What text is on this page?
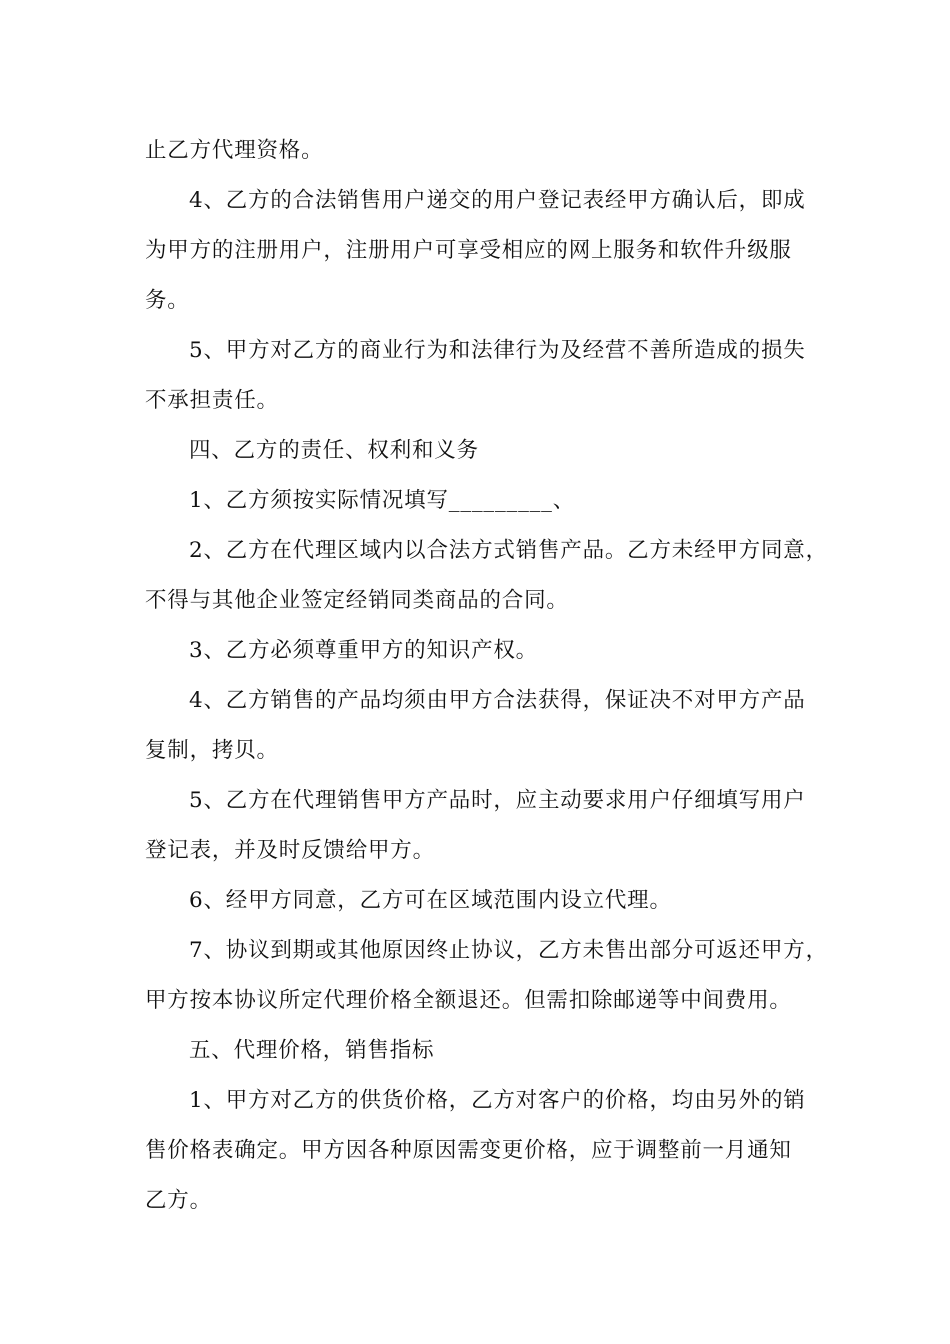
止乙方代理资格。
4、乙方的合法销售用户递交的用户登记表经甲方确认后，即成
为甲方的注册用户，注册用户可享受相应的网上服务和软件升级服
务。
5、甲方对乙方的商业行为和法律行为及经营不善所造成的损失
不承担责任。
四、乙方的责任、权利和义务
1、乙方须按实际情况填写_________、
2、乙方在代理区域内以合法方式销售产品。乙方未经甲方同意，
不得与其他企业签定经销同类商品的合同。
3、乙方必须尊重甲方的知识产权。
4、乙方销售的产品均须由甲方合法获得，保证决不对甲方产品
复制，拷贝。
5、乙方在代理销售甲方产品时，应主动要求用户仔细填写用户
登记表，并及时反馈给甲方。
6、经甲方同意，乙方可在区域范围内设立代理。
7、协议到期或其他原因终止协议，乙方未售出部分可返还甲方，
甲方按本协议所定代理价格全额退还。但需扣除邮递等中间费用。
五、代理价格，销售指标
1、甲方对乙方的供货价格，乙方对客户的价格，均由另外的销
售价格表确定。甲方因各种原因需变更价格，应于调整前一月通知
乙方。
